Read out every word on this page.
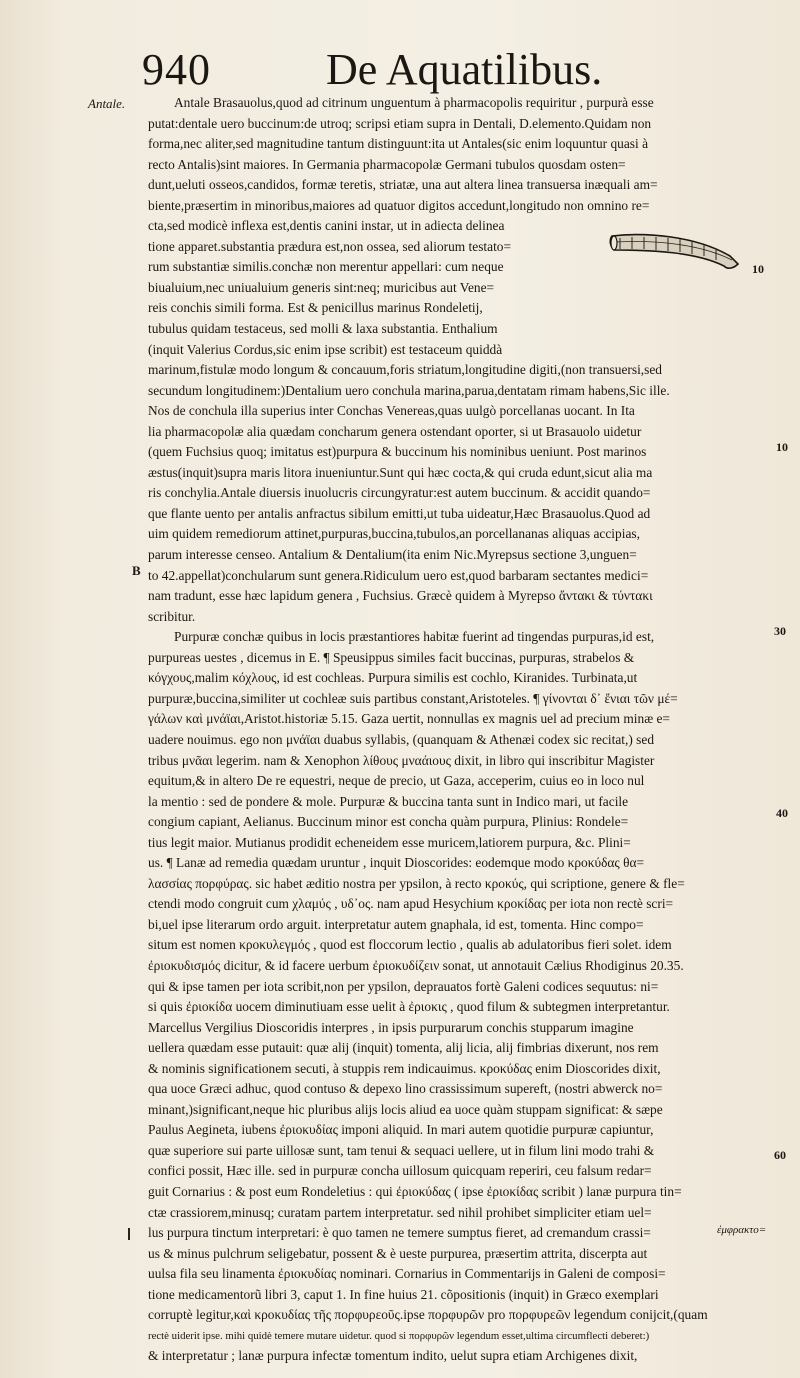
940	De Aquatilibus.
Antale.
B
10
10
30
40
60
Antale Brasauolus,quod ad citrinum unguentum à pharmacopolis requiritur , purpurà esse
putat:dentale uero buccinum:de utroq; scripsi etiam supra in Dentali, D.elemento.Quidam non
forma,nec aliter,sed magnitudine tantum distinguunt:ita ut Antales(sic enim loquuntur quasi à
recto Antalis)sint maiores. In Germania pharmacopolæ Germani tubulos quosdam osten=
dunt,ueluti osseos,candidos, formæ teretis, striatæ, una aut altera linea transuersa inæquali am=
biente,præsertim in minoribus,maiores ad quatuor digitos accedunt,longitudo non omnino re=
cta,sed modicè inflexa est,dentis canini instar, ut in adiecta delinea
tione apparet.substantia prædura est,non ossea, sed aliorum testato=
rum substantiæ similis.conchæ non merentur appellari: cum neque
biualuium,nec uniualuium generis sint:neq; muricibus aut Vene=
reis conchis simili forma. Est & penicillus marinus Rondeletij,
tubulus quidam testaceus, sed molli & laxa substantia. Enthalium
(inquit Valerius Cordus,sic enim ipse scribit) est testaceum quiddà
marinum,fistulæ modo longum & concauum,foris striatum,longitudine digiti,(non transuersi,sed
secundum longitudinem:)Dentalium uero conchula marina,parua,dentatam rimam habens,Sic ille.
Nos de conchula illa superius inter Conchas Venereas,quas uulgò porcellanas uocant. In Ita
lia pharmacopolæ alia quædam concharum genera ostendant oporter, si ut Brasauolo uidetur
(quem Fuchsius quoq; imitatus est)purpura & buccinum his nominibus ueniunt. Post marinos
æstus(inquit)supra maris litora inueniuntur.Sunt qui hæc cocta,& qui cruda edunt,sicut alia ma
ris conchylia.Antale diuersis inuolucris circungyratur:est autem buccinum. & accidit quando=
que flante uento per antalis anfractus sibilum emitti,ut tuba uideatur,Hæc Brasauolus.Quod ad
uim quidem remediorum attinet,purpuras,buccina,tubulos,an porcellananas aliquas accipias,
parum interesse censeo. Antalium & Dentalium(ita enim Nic.Myrepsus sectione 3,unguen=
to 42.appellat)conchularum sunt genera.Ridiculum uero est,quod barbaram sectantes medici=
nam tradunt, esse hæc lapidum genera , Fuchsius. Græcè quidem à Myrepso ἄντακι & τύντακι
scribitur.
Purpuræ conchæ quibus in locis præstantiores habitæ fuerint ad tingendas purpuras,id est,
purpureas uestes , dicemus in E. ¶ Speusippus similes facit buccinas, purpuras, strabelos &
κόγχους,malim κόχλους, id est cochleas. Purpura similis est cochlo, Kiranides. Turbinata,ut
purpuræ,buccina,similiter ut cochleæ suis partibus constant,Aristoteles. ¶ γίνονται δ᾽ ἔνιαι τῶν μέ=
γάλων καὶ μνάϊαι,Aristot.historiæ 5.15. Gaza uertit, nonnullas ex magnis uel ad precium minæ e=
uadere nouimus. ego non μνάϊαι duabus syllabis, (quanquam & Athenæi codex sic recitat,) sed
tribus μνᾶαι legerim. nam & Xenophon λίθους μναάιους dixit, in libro qui inscribitur Magister
equitum,& in altero De re equestri, neque de precio, ut Gaza, acceperim, cuius eo in loco nul
la mentio : sed de pondere & mole. Purpuræ & buccina tanta sunt in Indico mari, ut facile
congium capiant, Aelianus. Buccinum minor est concha quàm purpura, Plinius: Rondele=
tius legit maior. Mutianus prodidit echeneidem esse muricem,latiorem purpura, &c. Plini=
us. ¶ Lanæ ad remedia quædam uruntur , inquit Dioscorides: eodemque modo κροκύδας θα=
λασσίας πορφύρας. sic habet æditio nostra per ypsilon, à recto κροκύς, qui scriptione, genere & fle=
ctendi modo congruit cum χλαμύς , υδ᾽ος. nam apud Hesychium κροκίδας per iota non rectè scri=
bi,uel ipse literarum ordo arguit. interpretatur autem gnaphala, id est, tomenta. Hinc compo=
situm est nomen κροκυλεγμός , quod est floccorum lectio , qualis ab adulatoribus fieri solet. idem
ἐριοκυδισμός dicitur, & id facere uerbum ἐριοκυδίζειν sonat, ut annotauit Cælius Rhodiginus 20.35.
qui & ipse tamen per iota scribit,non per ypsilon, deprauatos fortè Galeni codices sequutus: ni=
si quis ἐριοκίδα uocem diminutiuam esse uelit à ἐριοκις , quod filum & subtegmen interpretantur.
Marcellus Vergilius Dioscoridis interpres , in ipsis purpurarum conchis stupparum imagine
uellera quædam esse putauit: quæ alij (inquit) tomenta, alij licia, alij fimbrias dixerunt, nos rem
& nominis significationem secuti, à stuppis rem indicauimus. κροκύδας enim Dioscorides dixit,
qua uoce Græci adhuc, quod contuso & depexo lino crassissimum supereft, (nostri abwerck no=
minant,)significant,neque hic pluribus alijs locis aliud ea uoce quàm stuppam significat: & sæpe
Paulus Aegineta, iubens ἐριοκυδίας imponi aliquid. In mari autem quotidie purpuræ capiuntur,
quæ superiore sui parte uillosæ sunt, tam tenui & sequaci uellere, ut in filum lini modo trahi &
confici possit, Hæc ille. sed in purpuræ concha uillosum quicquam reperiri, ceu falsum redar=
guit Cornarius : & post eum Rondeletius : qui ἐριοκύδας ( ipse ἐριοκίδας scribit ) lanæ purpura tin=
ctæ crassiorem,minusq; curatam partem interpretatur. sed nihil prohibet simpliciter etiam uel=
lus purpura tinctum interpretari: è quo tamen ne temere sumptus fieret, ad cremandum crassi=
us & minus pulchrum seligebatur, possent & è ueste purpurea, præsertim attrita, discerpta aut
uulsa fila seu linamenta ἐριοκυδίας nominari. Cornarius in Commentarijs in Galeni de composi=
tione medicamentorũ libri 3, caput 1. In fine huius 21. cõpositionis (inquit) in Græco exemplari
corruptè legitur,καὶ κροκυδίας τῆς πορφυρεοῦς.ipse πορφυρῶν pro πορφυρεῶν legendum conijcit,(quam
rectè uiderit ipse. mihi quidè temere mutare uidetur. quod si πορφυρῶν legendum esset,ultima circumflecti deberet:)
& interpretatur ; lanæ purpura infectæ tomentum indito, uelut supra etiam Archigenes dixit,
ἐμφρακτο=
